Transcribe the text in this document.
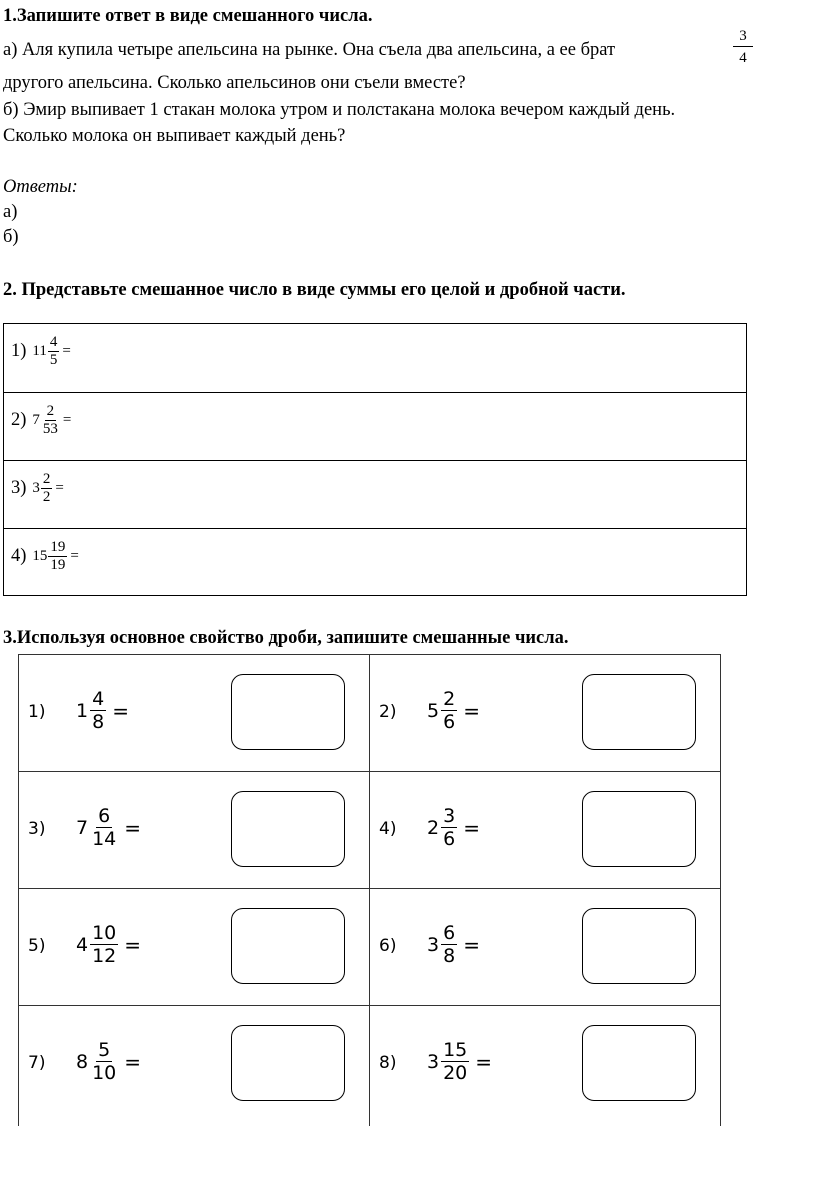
1.Запишите ответ в виде смешанного числа.
а) Аля купила четыре апельсина на рынке. Она съела два апельсина, а ее брат	$\frac{3}{4}$
другого апельсина. Сколько апельсинов они съели вместе?
б) Эмир выпивает 1 стакан молока утром и полстакана молока вечером каждый день.
Сколько молока он выпивает каждый день?
Ответы:
а)
б)
2. Представьте смешанное число в виде суммы его целой и дробной части.
1) $11 \frac{4}{5}$ =
2) $7 \frac{2}{53}$ =
3) $3 \frac{2}{2}$ =
4) $15 \frac{19}{19}$ =
3.Используя основное свойство дроби, запишите смешанные числа.
1) $1 \frac{4}{8}$ =	2) $5 \frac{2}{6}$ =
3) $7 \frac{6}{14}$ =	4) $2 \frac{3}{6}$ =
5) $4 \frac{10}{12}$ =	6) $3 \frac{6}{8}$ =
7) $8 \frac{5}{10}$ =	8) $3 \frac{15}{20}$ =
